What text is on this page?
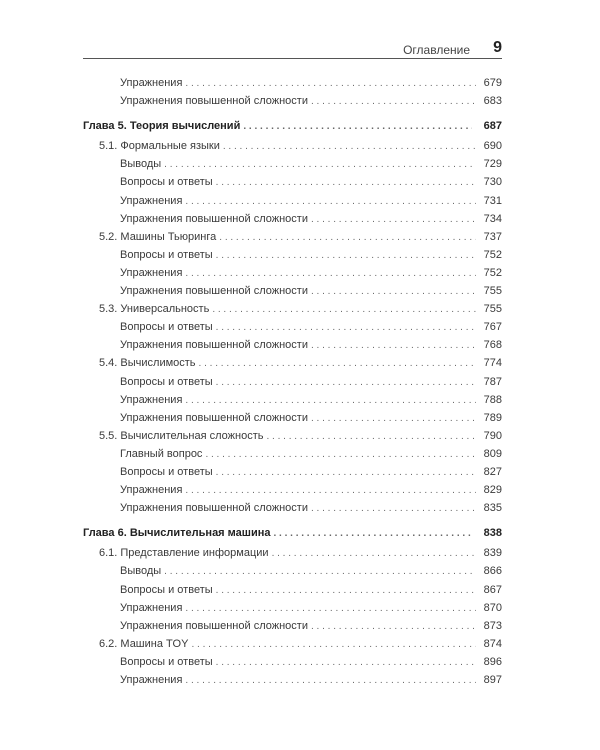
Оглавление 9
Упражнения . . .	679
Упражнения повышенной сложности . . .	683
Глава 5. Теория вычислений . . .	687
5.1. Формальные языки . . .	690
Выводы . . .	729
Вопросы и ответы . . .	730
Упражнения . . .	731
Упражнения повышенной сложности . . .	734
5.2. Машины Тьюринга . . .	737
Вопросы и ответы . . .	752
Упражнения . . .	752
Упражнения повышенной сложности . . .	755
5.3. Универсальность . . .	755
Вопросы и ответы . . .	767
Упражнения повышенной сложности . . .	768
5.4. Вычислимость . . .	774
Вопросы и ответы . . .	787
Упражнения . . .	788
Упражнения повышенной сложности . . .	789
5.5. Вычислительная сложность . . .	790
Главный вопрос . . .	809
Вопросы и ответы . . .	827
Упражнения . . .	829
Упражнения повышенной сложности . . .	835
Глава 6. Вычислительная машина . . .	838
6.1. Представление информации . . .	839
Выводы . . .	866
Вопросы и ответы . . .	867
Упражнения . . .	870
Упражнения повышенной сложности . . .	873
6.2. Машина TOY . . .	874
Вопросы и ответы . . .	896
Упражнения . . .	897
